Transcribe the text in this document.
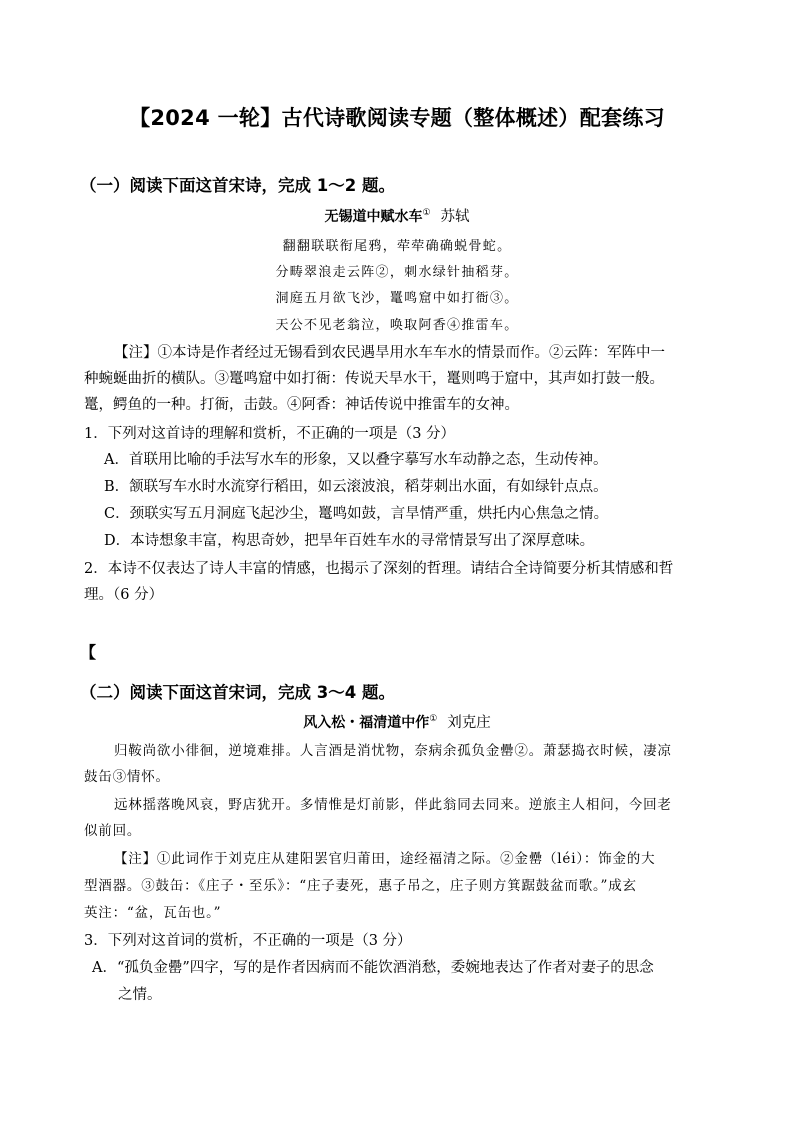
【2024 一轮】古代诗歌阅读专题（整体概述）配套练习
（一）阅读下面这首宋诗，完成 1～2 题。
无锡道中赋水车① 苏轼
翻翻联联衔尾鸦，荦荦确确蜕骨蛇。
分畴翠浪走云阵②，刺水绿针抽稻芽。
洞庭五月欲飞沙，鼍鸣窟中如打衙③。
天公不见老翁泣，唤取阿香④推雷车。
【注】①本诗是作者经过无锡看到农民遇旱用水车车水的情景而作。②云阵：军阵中一
种蜿蜒曲折的横队。③鼍鸣窟中如打衙：传说天旱水干，鼍则鸣于窟中，其声如打鼓一般。
鼍，鳄鱼的一种。打衙，击鼓。④阿香：神话传说中推雷车的女神。
1．下列对这首诗的理解和赏析，不正确的一项是（3 分）
A．首联用比喻的手法写水车的形象，又以叠字摹写水车动静之态，生动传神。
B．颔联写车水时水流穿行稻田，如云滚波浪，稻芽刺出水面，有如绿针点点。
C．颈联实写五月洞庭飞起沙尘，鼍鸣如鼓，言旱情严重，烘托内心焦急之情。
D．本诗想象丰富，构思奇妙，把旱年百姓车水的寻常情景写出了深厚意味。
2．本诗不仅表达了诗人丰富的情感，也揭示了深刻的哲理。请结合全诗简要分析其情感和哲
理。（6 分）
【
（二）阅读下面这首宋词，完成 3～4 题。
风入松・福清道中作① 刘克庄
归鞍尚欲小徘徊，逆境难排。人言酒是消忧物，奈病余孤负金罍②。萧瑟捣衣时候，凄凉
鼓缶③情怀。
远林摇落晚风哀，野店犹开。多情惟是灯前影，伴此翁同去同来。逆旅主人相问，今回老
似前回。
【注】①此词作于刘克庄从建阳罢官归莆田，途经福清之际。②金罍（léi）：饰金的大
型酒器。③鼓缶：《庄子・至乐》：“庄子妻死，惠子吊之，庄子则方箕踞鼓盆而歌。”成玄
英注：“盆，瓦缶也。”
3．下列对这首词的赏析，不正确的一项是（3 分）
A．“孤负金罍”四字，写的是作者因病而不能饮酒消愁，委婉地表达了作者对妻子的思念
之情。
